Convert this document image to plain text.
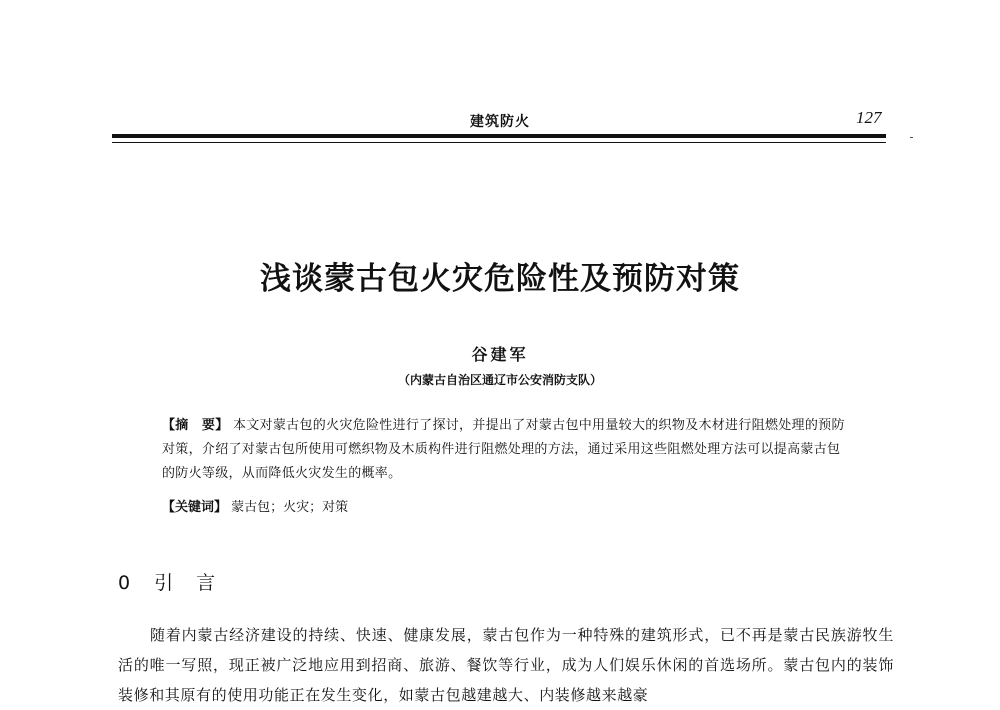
建筑防火	127
浅谈蒙古包火灾危险性及预防对策
谷建军
（内蒙古自治区通辽市公安消防支队）
【摘　要】 本文对蒙古包的火灾危险性进行了探讨，并提出了对蒙古包中用量较大的织物及木材进行阻燃处理的预防对策，介绍了对蒙古包所使用可燃织物及木质构件进行阻燃处理的方法，通过采用这些阻燃处理方法可以提高蒙古包的防火等级，从而降低火灾发生的概率。
【关键词】 蒙古包；火灾；对策
0 引　言
随着内蒙古经济建设的持续、快速、健康发展，蒙古包作为一种特殊的建筑形式，已不再是蒙古民族游牧生活的唯一写照，现正被广泛地应用到招商、旅游、餐饮等行业，成为人们娱乐休闲的首选场所。蒙古包内的装饰装修和其原有的使用功能正在发生变化，如蒙古包越建越大、内装修越来越豪
